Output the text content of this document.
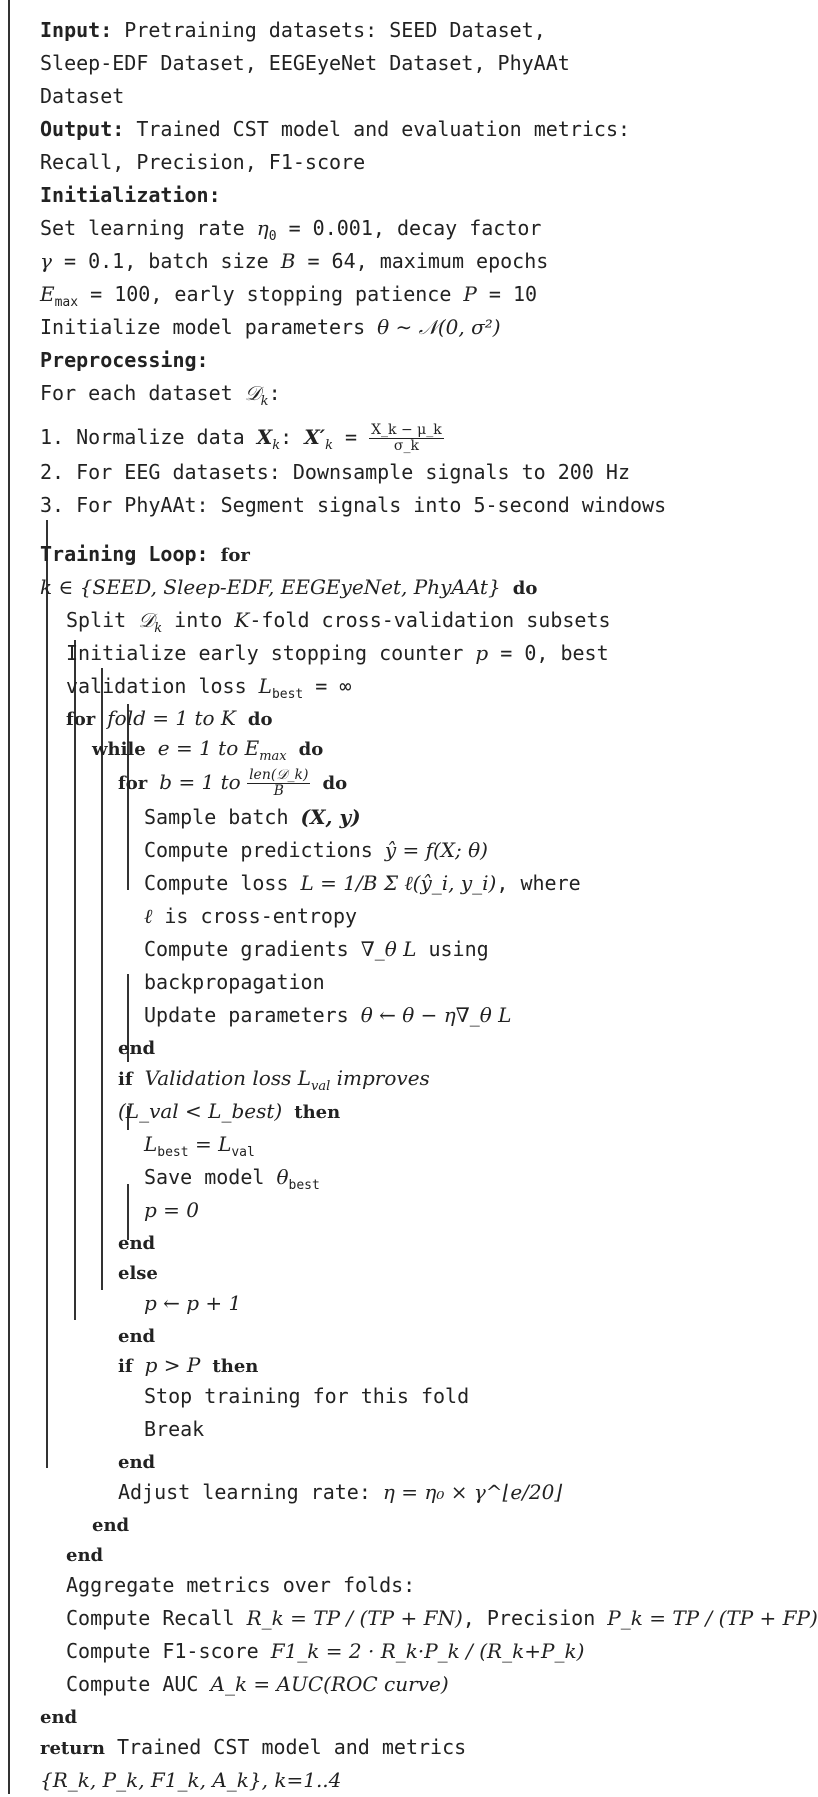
Input: Pretraining datasets: SEED Dataset,
Sleep-EDF Dataset, EEGEyeNet Dataset, PhyAAt
Dataset
Output: Trained CST model and evaluation metrics:
Recall, Precision, F1-score
Initialization:
Set learning rate $\eta_0 = 0.001$, decay factor
γ = 0.1, batch size B = 64, maximum epochs
$E_{max} = 100$, early stopping patience P = 10
Initialize model parameters θ ∼ 𝒩(0, σ²)
Preprocessing:
For each dataset 𝒟$_k$:
1. Normalize data $X_k$: $X'_k = \frac{X\_k - \mu\_k}{\sigma\_k}$
2. For EEG datasets: Downsample signals to 200 Hz
3. For PhyAAt: Segment signals into 5-second windows
Training Loop: for
k ∈ {SEED, Sleep-EDF, EEGEyeNet, PhyAAt} do
Split 𝒟$_k$ into K-fold cross-validation subsets
Initialize early stopping counter p = 0, best
validation loss $L_{best}$ = ∞
for fold = 1 to K do
while e = 1 to $E_{max}$ do
for b = 1 to $\frac{\text{len(𝒟\_k)}}{B}$ do
Sample batch (X, y)
Compute predictions ŷ = f(X; θ)
Compute loss L = 1/B Σ ℓ(ŷ_i, y_i), where
ℓ is cross-entropy
Compute gradients ∇_θ L using
backpropagation
Update parameters θ ← θ − η∇_θ L
end
if Validation loss $L_{val}$ improves
(L_val < L_best) then
$L_{best} = L_{val}$
Save model $\theta_{best}$
p = 0
end
else
p ← p + 1
end
if p > P then
Stop training for this fold
Break
end
Adjust learning rate: η = η₀ × γ^⌊e/20⌋
end
end
Aggregate metrics over folds:
Compute Recall R_k = TP / (TP + FN), Precision P_k = TP / (TP + FP)
Compute F1-score F1_k = 2 · R_k·P_k / (R_k+P_k)
Compute AUC A_k = AUC(ROC curve)
end
return Trained CST model and metrics
{R_k, P_k, F1_k, A_k}, k=1..4
